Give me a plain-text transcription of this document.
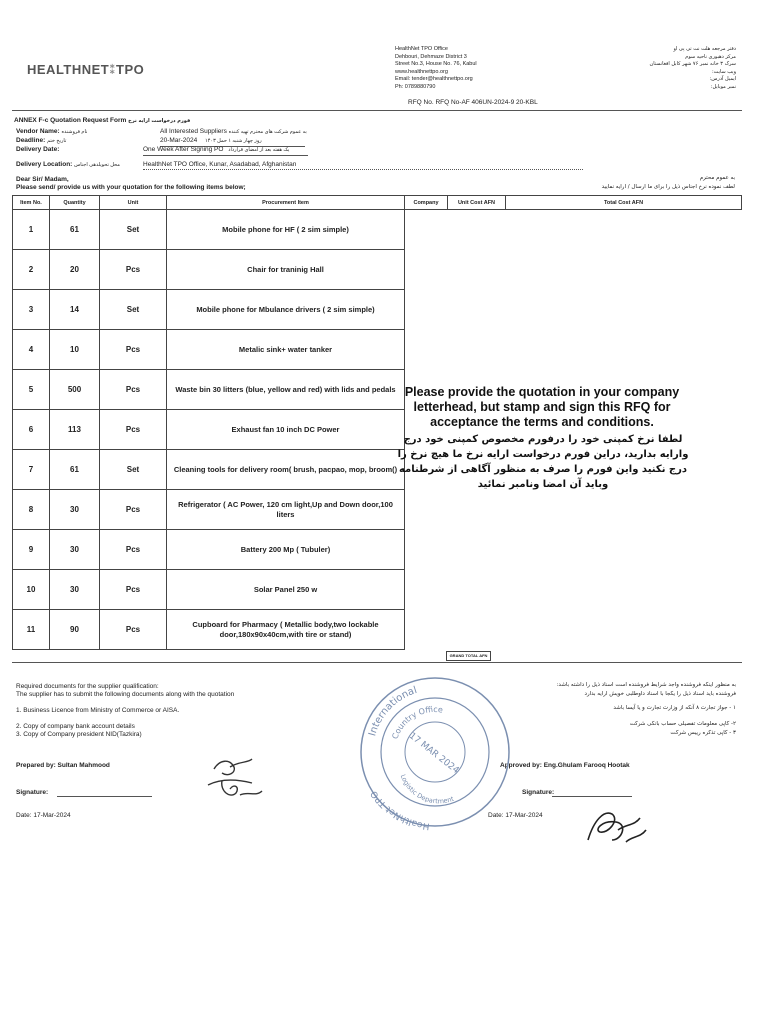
HEALTHNET⁑TPO
HealthNet TPO Office
Dehbouri, Dehmaze District 3
Street No.3, House No. 76, Kabul
www.healthnettpo.org
Email: tender@healthnettpo.org
Ph: 0789880790
دفتر مرجعه هلت نت تی پی او
مرکز دهبوری ناحیه سوم
سرک ۳ خانه نمبر ۷۶ شهر کابل افغانستان
ویب سایت:
ایمیل آدرس:
نمبر موبایل:
RFQ No. RFQ No-AF 406UN-2024-9 20-KBL
ANNEX F-c Quotation Request Form فورم درخواست ارایه نرخ
Vendor Name: نام فروشنده
Deadline: تاریخ ختم
Delivery Date:
All Interested Suppliers به عموم شرکت های محترم تهیه کننده
20-Mar-2024 روز چهار شنبه ۱ حمل ۱۴۰۳
One Week After Signing PO یک هفته بعد از امضای قرارداد
Delivery Location: محل تحویلدهی اجناس	HealthNet TPO Office, Kunar, Asadabad, Afghanistan
Dear Sir/ Madam,
Please send/ provide us with your quotation for the following items below;
به عموم محترم
لطف نموده نرخ اجناس ذیل را برای ما ارسال / ارایه نمایید
Item No.	Quantity	Unit	Procurement Item	Company	Unit Cost AFN	Total Cost AFN
1	61	Set	Mobile phone for HF ( 2 sim simple)			
2	20	Pcs	Chair for traninig Hall			
3	14	Set	Mobile phone for Mbulance drivers ( 2 sim simple)			
4	10	Pcs	Metalic sink+ water tanker			
5	500	Pcs	Waste bin 30 litters (blue, yellow and red) with lids and pedals			
6	113	Pcs	Exhaust fan 10 inch DC Power			
7	61	Set	Cleaning tools for delivery room( brush, pacpao, mop, broom()			
8	30	Pcs	Refrigerator ( AC Power, 120 cm light,Up and Down door,100 liters			
9	30	Pcs	Battery 200 Mp ( Tubuler)			
10	30	Pcs	Solar Panel 250 w			
11	90	Pcs	Cupboard for Pharmacy ( Metallic body,two lockable door,180x90x40cm,with tire or stand)			
Please provide the quotation in your company letterhead, but stamp and sign this RFQ for acceptance the terms and conditions.
لطفا نرخ کمپنی خود را درفورم مخصوص کمپنی خود درج وارایه بدارید، دراین فورم درخواست ارایه نرخ ما هیچ نرخ را درج نکنید واین فورم را صرف به منظور آگاهی از شرطنامه وباید آن امضا ونامبر نمائید
GRAND TOTAL AFN
Required documents for the supplier qualification:
The supplier has to submit the following documents along with the quotation
1. Business Licence from Ministry of Commerce or AISA.
2. Copy of company bank account details
3. Copy of Company president NID(Tazkira)
به منظور اینکه فروشنده واجد شرایط فروشنده است اسناد ذیل را داشته باشد:
فروشنده باید اسناد ذیل را یکجا با اسناد داوطلبی خویش ارایه بدارد
۱ - جواز تجارت ۸ آنکه از وزارت تجارت و یا آیسا باشد
۲- کاپی معلومات تفصیلی حساب بانکی شرکت
۳ - کاپی تذکره رییس شرکت
Prepared by: Sultan Mahmood
Signature:
Date: 17-Mar-2024
Approved by: Eng.Ghulam Farooq Hootak
Signature:
Date: 17-Mar-2024
International
HealthNet TPO
Country Office
17 MAR 2024
Logistic Department
